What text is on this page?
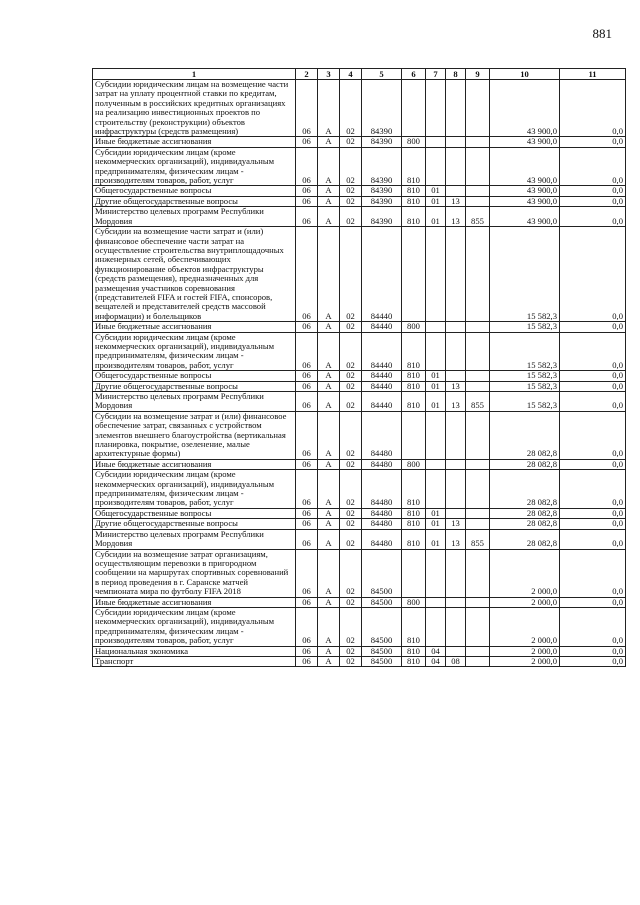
881
1	2	3	4	5	6	7	8	9	10	11
Субсидии юридическим лицам на возмещение части затрат на уплату процентной ставки по кредитам, полученным в российских кредитных организациях на реализацию инвестиционных проектов по строительству (реконструкции) объектов инфраструктуры (средств размещения)	06	А	02	84390					43 900,0	0,0
Иные бюджетные ассигнования	06	А	02	84390	800				43 900,0	0,0
Субсидии юридическим лицам (кроме некоммерческих организаций), индивидуальным предпринимателям, физическим лицам - производителям товаров, работ, услуг	06	А	02	84390	810				43 900,0	0,0
Общегосударственные вопросы	06	А	02	84390	810	01			43 900,0	0,0
Другие общегосударственные вопросы	06	А	02	84390	810	01	13		43 900,0	0,0
Министерство целевых программ Республики Мордовия	06	А	02	84390	810	01	13	855	43 900,0	0,0
Субсидии на возмещение части затрат и (или) финансовое обеспечение части затрат на осуществление строительства внутриплощадочных инженерных сетей, обеспечивающих функционирование объектов инфраструктуры (средств размещения), предназначенных для размещения участников соревнования (представителей FIFA и гостей FIFA, спонсоров, вещателей и представителей средств массовой информации) и болельщиков	06	А	02	84440					15 582,3	0,0
Иные бюджетные ассигнования	06	А	02	84440	800				15 582,3	0,0
Субсидии юридическим лицам (кроме некоммерческих организаций), индивидуальным предпринимателям, физическим лицам - производителям товаров, работ, услуг	06	А	02	84440	810				15 582,3	0,0
Общегосударственные вопросы	06	А	02	84440	810	01			15 582,3	0,0
Другие общегосударственные вопросы	06	А	02	84440	810	01	13		15 582,3	0,0
Министерство целевых программ Республики Мордовия	06	А	02	84440	810	01	13	855	15 582,3	0,0
Субсидии на возмещение затрат и (или) финансовое обеспечение затрат, связанных с устройством элементов внешнего благоустройства (вертикальная планировка, покрытие, озеленение, малые архитектурные формы)	06	А	02	84480					28 082,8	0,0
Иные бюджетные ассигнования	06	А	02	84480	800				28 082,8	0,0
Субсидии юридическим лицам (кроме некоммерческих организаций), индивидуальным предпринимателям, физическим лицам - производителям товаров, работ, услуг	06	А	02	84480	810				28 082,8	0,0
Общегосударственные вопросы	06	А	02	84480	810	01			28 082,8	0,0
Другие общегосударственные вопросы	06	А	02	84480	810	01	13		28 082,8	0,0
Министерство целевых программ Республики Мордовия	06	А	02	84480	810	01	13	855	28 082,8	0,0
Субсидии на возмещение затрат организациям, осуществляющим перевозки в пригородном сообщении на маршрутах спортивных соревнований в период проведения в г. Саранске матчей чемпионата мира по футболу FIFA 2018	06	А	02	84500					2 000,0	0,0
Иные бюджетные ассигнования	06	А	02	84500	800				2 000,0	0,0
Субсидии юридическим лицам (кроме некоммерческих организаций), индивидуальным предпринимателям, физическим лицам - производителям товаров, работ, услуг	06	А	02	84500	810				2 000,0	0,0
Национальная экономика	06	А	02	84500	810	04			2 000,0	0,0
Транспорт	06	А	02	84500	810	04	08		2 000,0	0,0
